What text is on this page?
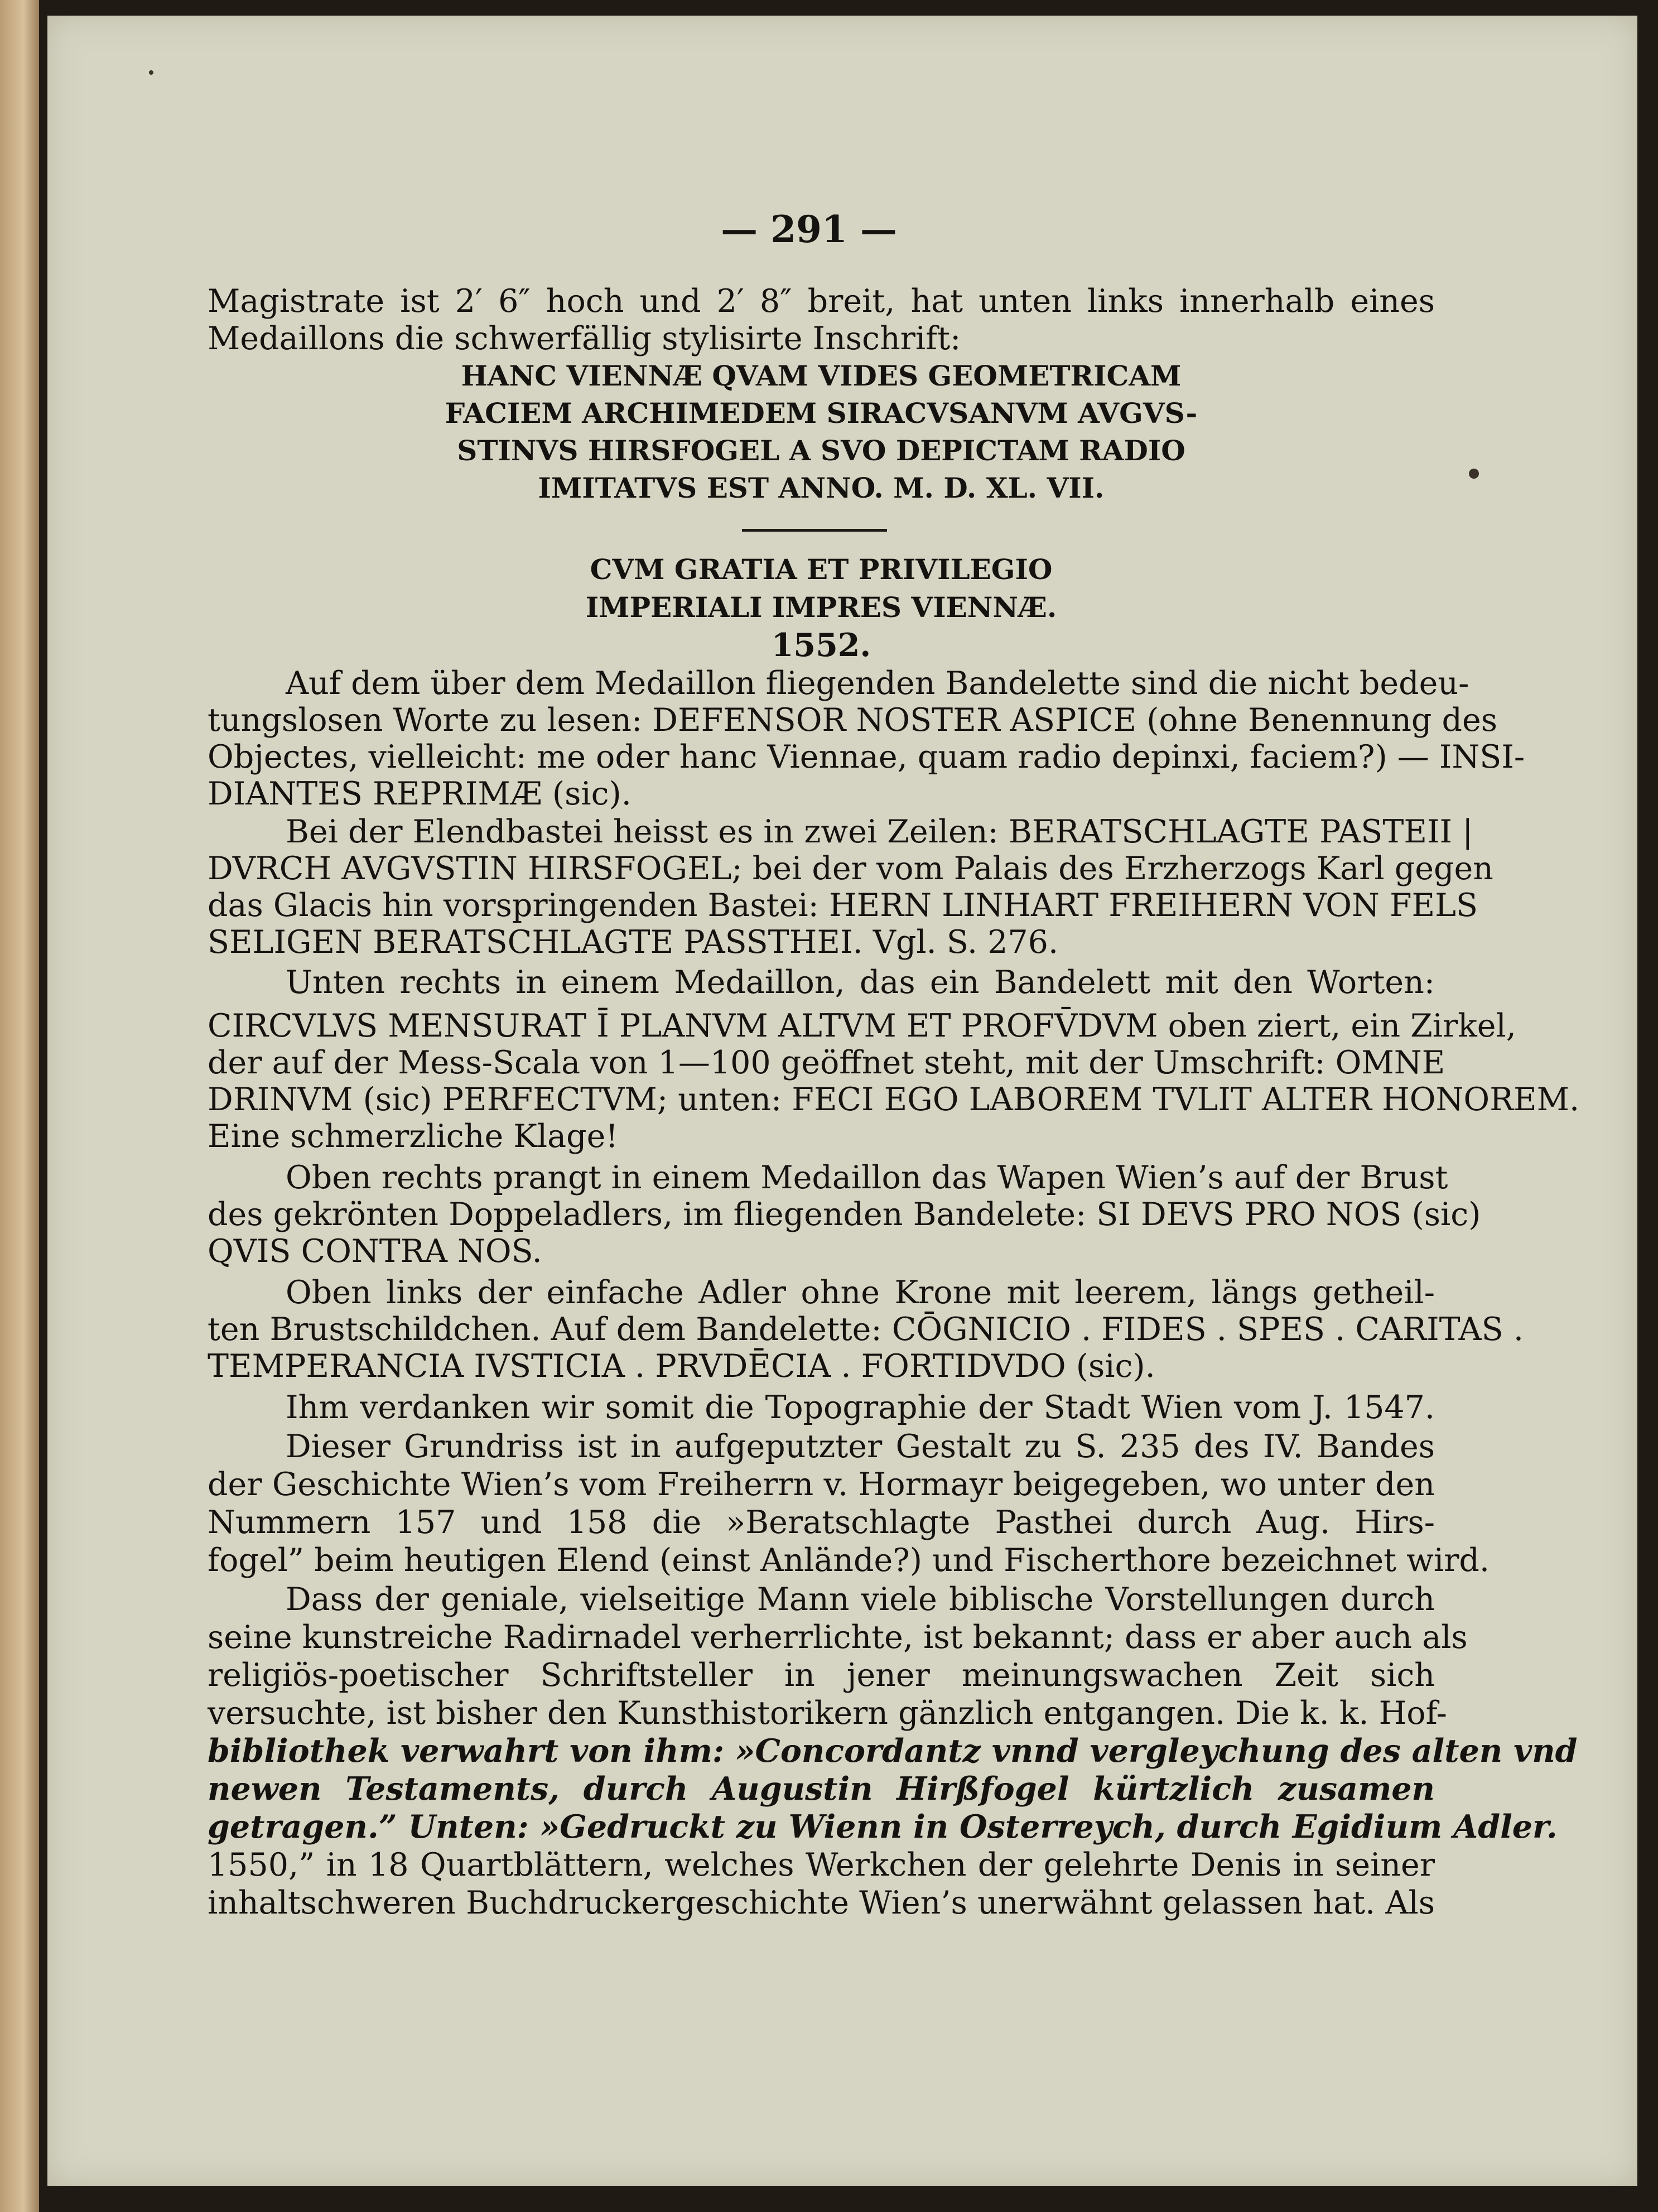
— 291 —
Magistrate ist 2′ 6″ hoch und 2′ 8″ breit, hat unten links innerhalb eines
Medaillons die schwerfällig stylisirte Inschrift:
HANC VIENNÆ QVAM VIDES GEOMETRICAM
FACIEM ARCHIMEDEM SIRACVSANVM AVGVS-
STINVS HIRSFOGEL A SVO DEPICTAM RADIO
IMITATVS EST ANNO. M. D. XL. VII.
CVM GRATIA ET PRIVILEGIO
IMPERIALI IMPRES VIENNÆ.
1552.
Auf dem über dem Medaillon fliegenden Bandelette sind die nicht bedeu-
tungslosen Worte zu lesen: DEFENSOR NOSTER ASPICE (ohne Benennung des
Objectes, vielleicht: me oder hanc Viennae, quam radio depinxi, faciem?) — INSI-
DIANTES REPRIMÆ (sic).
Bei der Elendbastei heisst es in zwei Zeilen: BERATSCHLAGTE PASTEII |
DVRCH AVGVSTIN HIRSFOGEL; bei der vom Palais des Erzherzogs Karl gegen
das Glacis hin vorspringenden Bastei: HERN LINHART FREIHERN VON FELS
SELIGEN BERATSCHLAGTE PASSTHEI. Vgl. S. 276.
Unten rechts in einem Medaillon, das ein Bandelett mit den Worten:
CIRCVLVS MENSURAT Ī PLANVM ALTVM ET PROFV̄DVM oben ziert, ein Zirkel,
der auf der Mess-Scala von 1—100 geöffnet steht, mit der Umschrift: OMNE
DRINVM (sic) PERFECTVM; unten: FECI EGO LABOREM TVLIT ALTER HONOREM.
Eine schmerzliche Klage!
Oben rechts prangt in einem Medaillon das Wapen Wien’s auf der Brust
des gekrönten Doppeladlers, im fliegenden Bandelete: SI DEVS PRO NOS (sic)
QVIS CONTRA NOS.
Oben links der einfache Adler ohne Krone mit leerem, längs getheil-
ten Brustschildchen. Auf dem Bandelette: CŌGNICIO . FIDES . SPES . CARITAS .
TEMPERANCIA IVSTICIA . PRVDĒCIA . FORTIDVDO (sic).
Ihm verdanken wir somit die Topographie der Stadt Wien vom J. 1547.
Dieser Grundriss ist in aufgeputzter Gestalt zu S. 235 des IV. Bandes
der Geschichte Wien’s vom Freiherrn v. Hormayr beigegeben, wo unter den
Nummern 157 und 158 die »Beratschlagte Pasthei durch Aug. Hirs-
fogel” beim heutigen Elend (einst Anlände?) und Fischerthore bezeichnet wird.
Dass der geniale, vielseitige Mann viele biblische Vorstellungen durch
seine kunstreiche Radirnadel verherrlichte, ist bekannt; dass er aber auch als
religiös-poetischer Schriftsteller in jener meinungswachen Zeit sich
versuchte, ist bisher den Kunsthistorikern gänzlich entgangen. Die k. k. Hof-
bibliothek verwahrt von ihm: »Concordantz vnnd vergleychung des alten vnd
newen Testaments, durch Augustin Hirßfogel kürtzlich zusamen
getragen.” Unten: »Gedruckt zu Wienn in Osterreych, durch Egidium Adler.
1550,” in 18 Quartblättern, welches Werkchen der gelehrte Denis in seiner
inhaltschweren Buchdruckergeschichte Wien’s unerwähnt gelassen hat. Als
